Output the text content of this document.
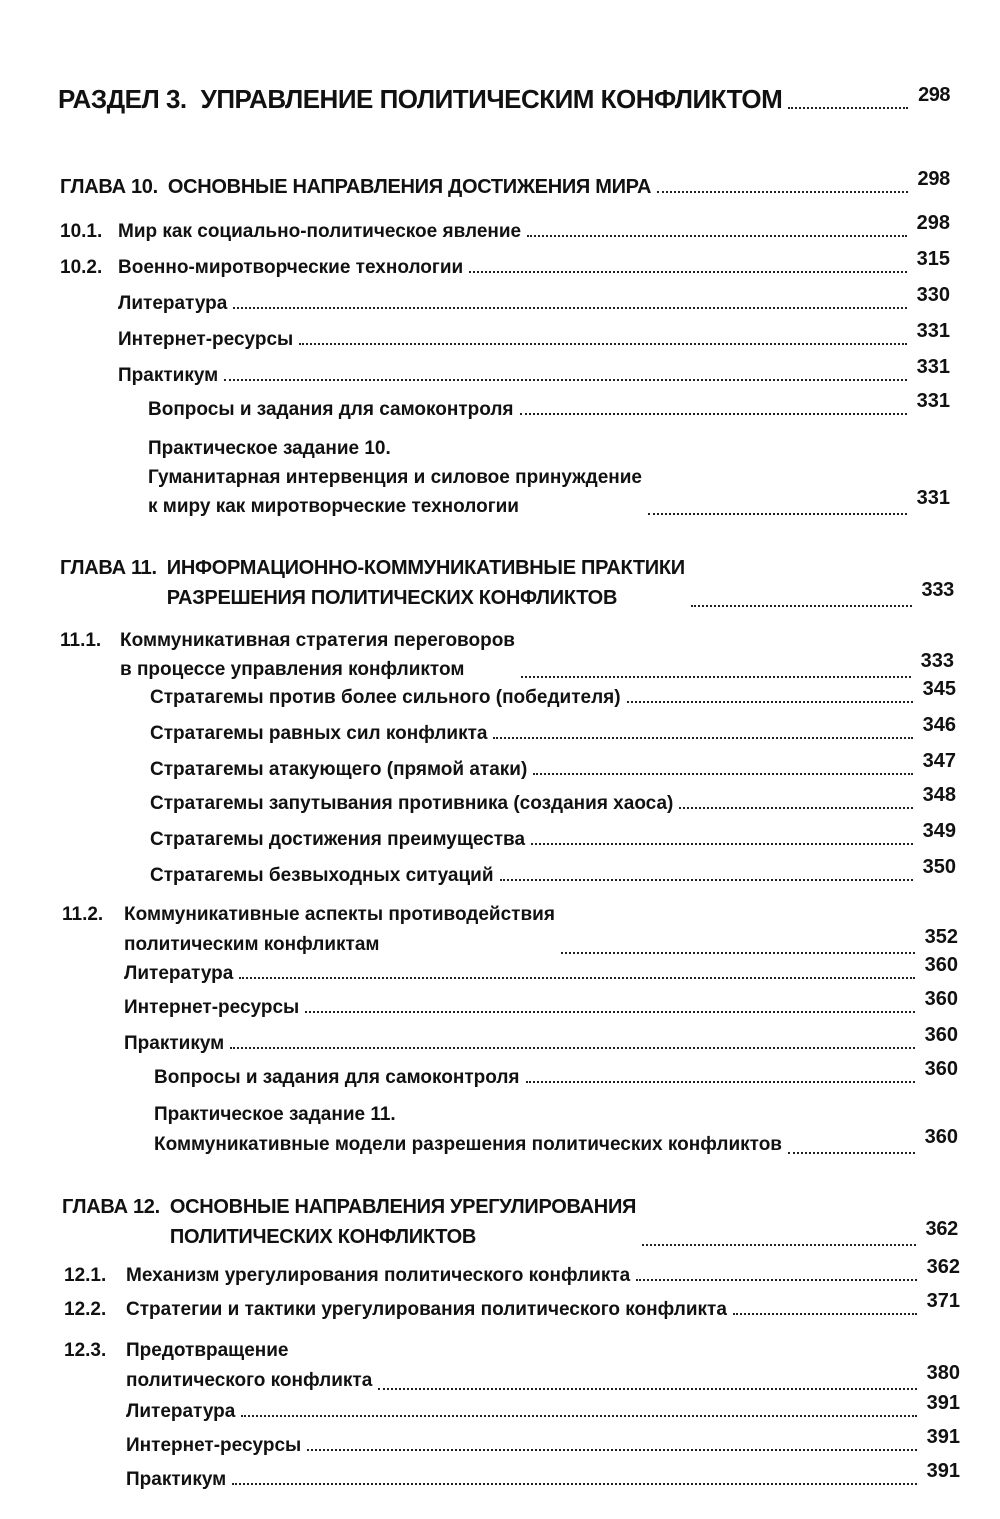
РАЗДЕЛ 3. УПРАВЛЕНИЕ ПОЛИТИЧЕСКИМ КОНФЛИКТОМ	298
ГЛАВА 10. ОСНОВНЫЕ НАПРАВЛЕНИЯ ДОСТИЖЕНИЯ МИРА	298
10.1. Мир как социально-политическое явление	298
10.2. Военно-миротворческие технологии	315
Литература	330
Интернет-ресурсы	331
Практикум	331
Вопросы и задания для самоконтроля	331
Практическое задание 10.
Гуманитарная интервенция и силовое принуждение
к миру как миротворческие технологии	331
ГЛАВА 11. ИНФОРМАЦИОННО-КОММУНИКАТИВНЫЕ ПРАКТИКИ
РАЗРЕШЕНИЯ ПОЛИТИЧЕСКИХ КОНФЛИКТОВ	333
11.1. Коммуникативная стратегия переговоров
в процессе управления конфликтом	333
Стратагемы против более сильного (победителя)	345
Стратагемы равных сил конфликта	346
Стратагемы атакующего (прямой атаки)	347
Стратагемы запутывания противника (создания хаоса)	348
Стратагемы достижения преимущества	349
Стратагемы безвыходных ситуаций	350
11.2.	Коммуникативные аспекты противодействия
политическим конфликтам	352
Литература	360
Интернет-ресурсы	360
Практикум	360
Вопросы и задания для самоконтроля	360
Практическое задание 11.
Коммуникативные модели разрешения политических конфликтов	360
ГЛАВА 12. ОСНОВНЫЕ НАПРАВЛЕНИЯ УРЕГУЛИРОВАНИЯ
ПОЛИТИЧЕСКИХ КОНФЛИКТОВ	362
12.1.	Механизм урегулирования политического конфликта	362
12.2.	Стратегии и тактики урегулирования политического конфликта	371
12.3.	Предотвращение
политического конфликта	380
Литература	391
Интернет-ресурсы	391
Практикум	391
